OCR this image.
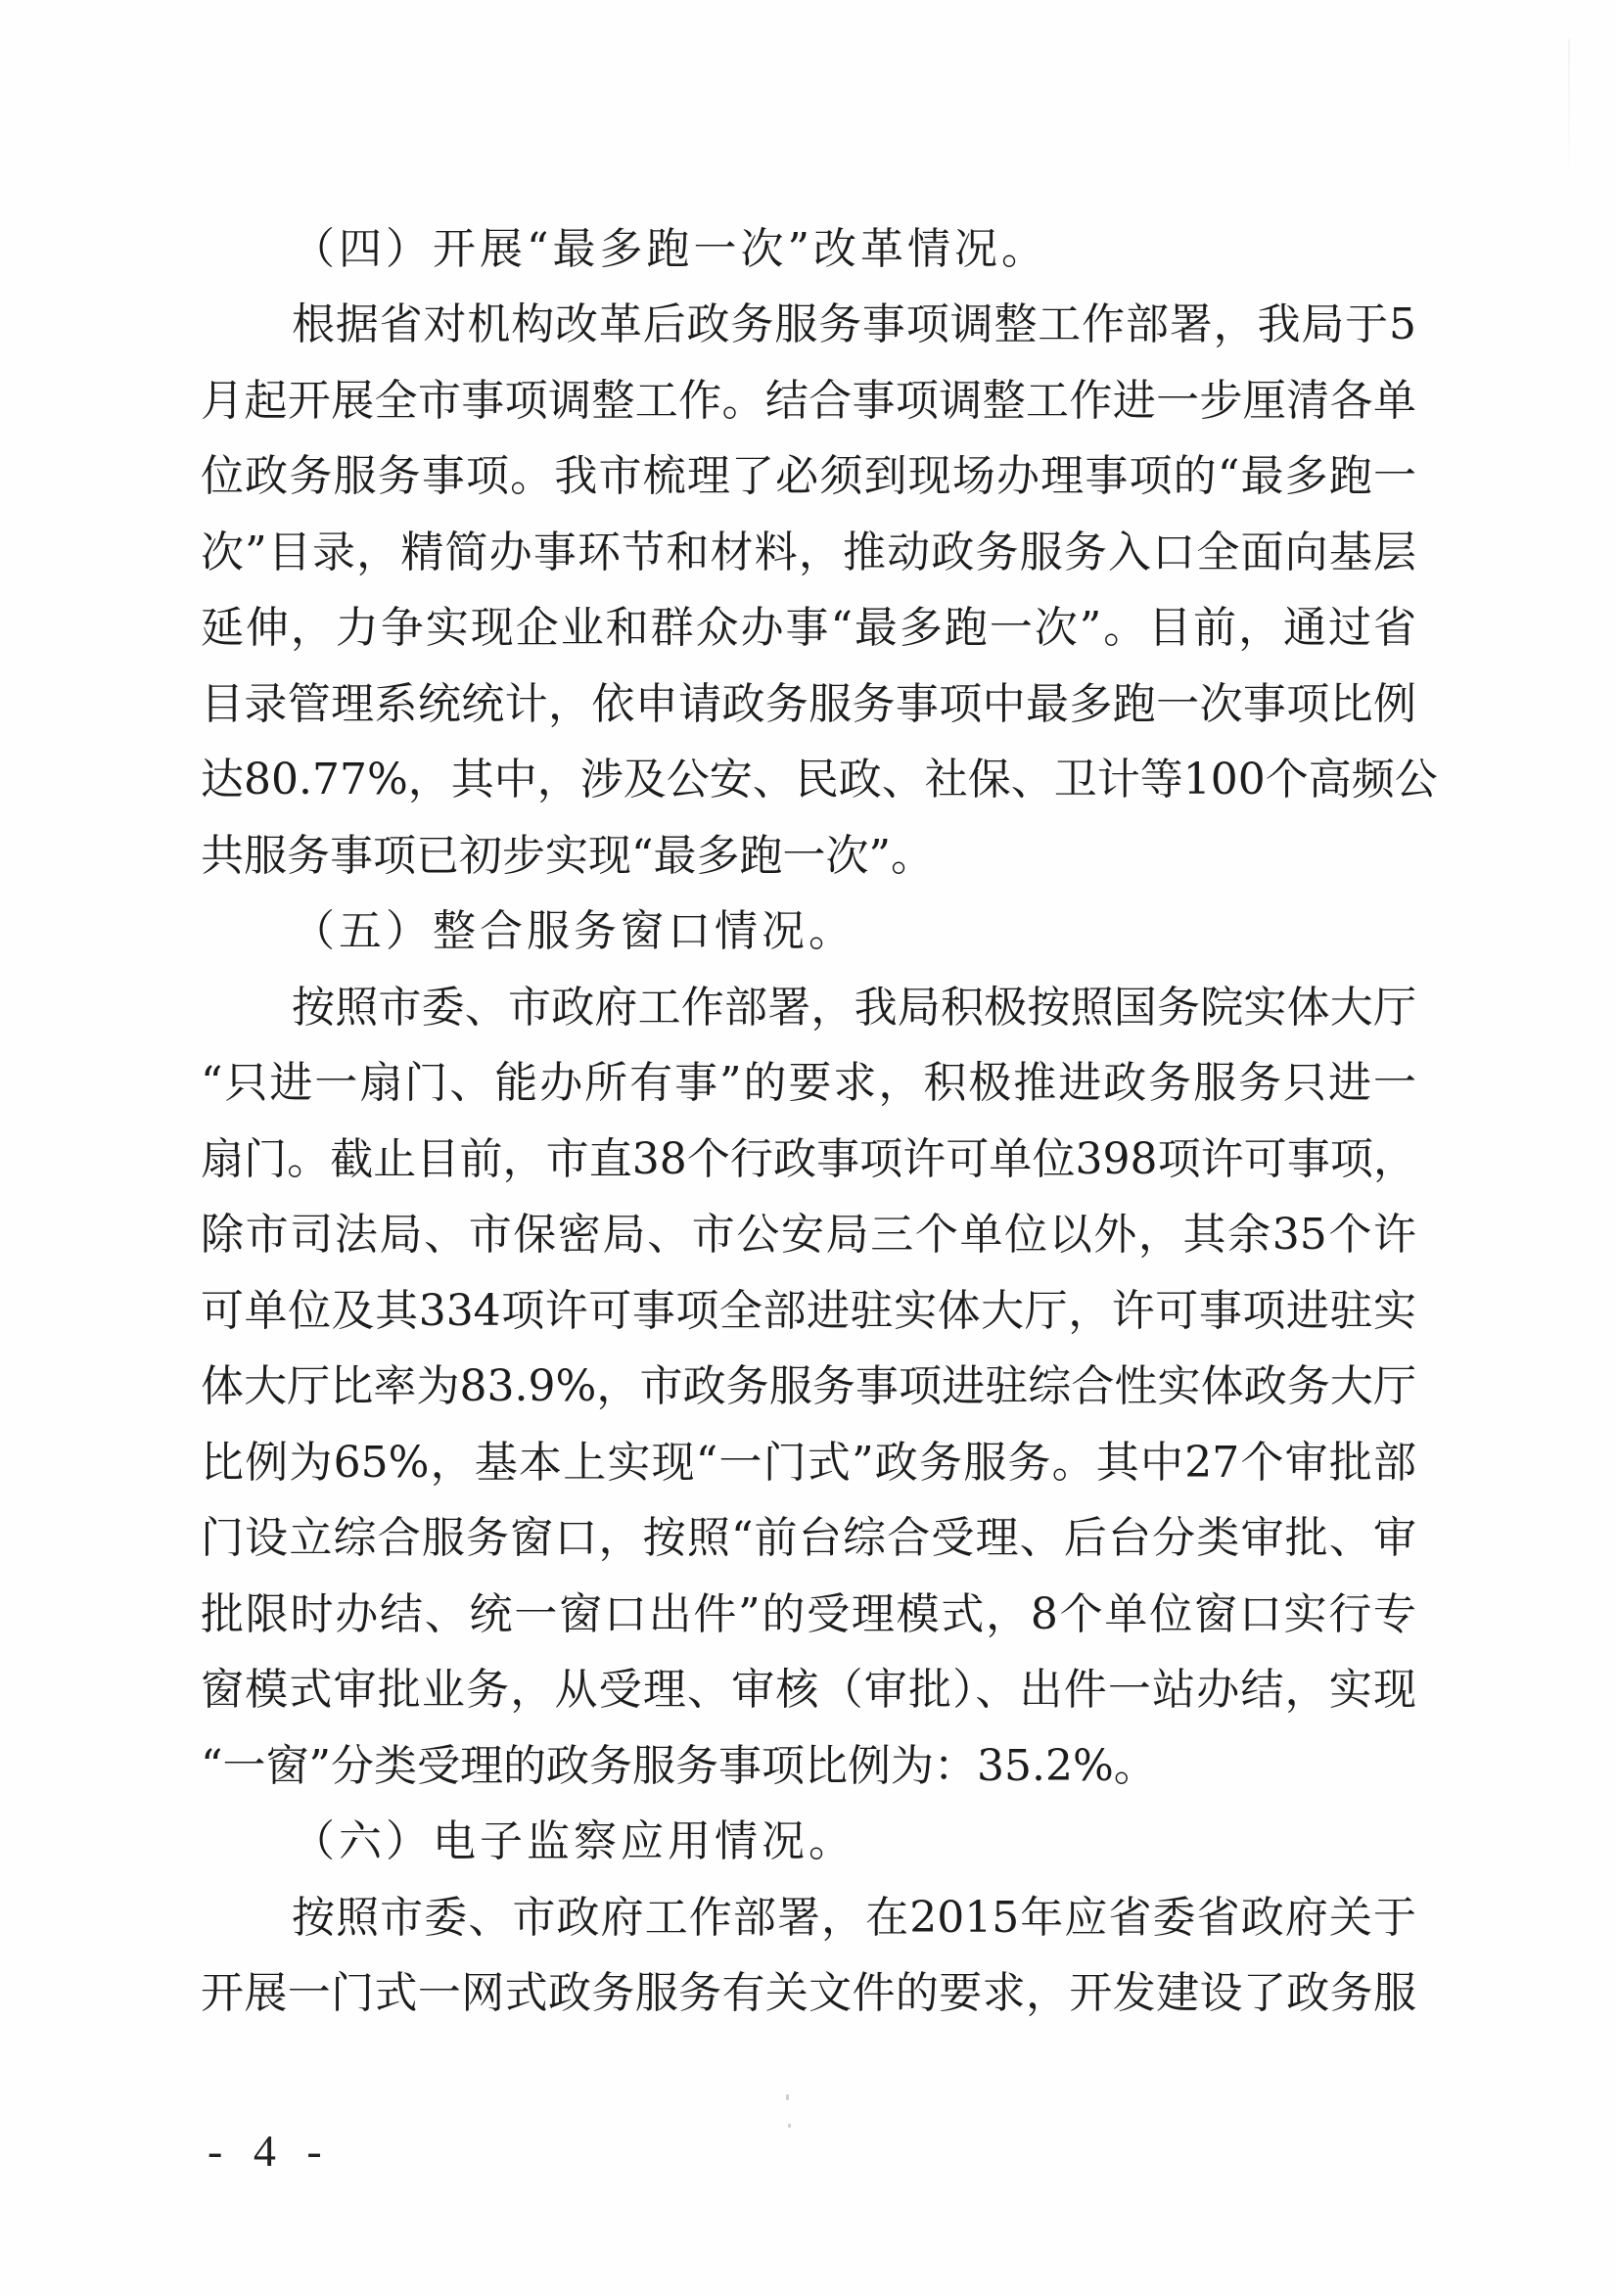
（四）开展“最多跑一次”改革情况。
根据省对机构改革后政务服务事项调整工作部署，我局于5
月起开展全市事项调整工作。结合事项调整工作进一步厘清各单
位政务服务事项。我市梳理了必须到现场办理事项的“最多跑一
次”目录，精简办事环节和材料，推动政务服务入口全面向基层
延伸，力争实现企业和群众办事“最多跑一次”。目前，通过省
目录管理系统统计，依申请政务服务事项中最多跑一次事项比例
达80.77%，其中，涉及公安、民政、社保、卫计等100个高频公
共服务事项已初步实现“最多跑一次”。
（五）整合服务窗口情况。
按照市委、市政府工作部署，我局积极按照国务院实体大厅
“只进一扇门、能办所有事”的要求，积极推进政务服务只进一
扇门。截止目前，市直38个行政事项许可单位398项许可事项，
除市司法局、市保密局、市公安局三个单位以外，其余35个许
可单位及其334项许可事项全部进驻实体大厅，许可事项进驻实
体大厅比率为83.9%，市政务服务事项进驻综合性实体政务大厅
比例为65%，基本上实现“一门式”政务服务。其中27个审批部
门设立综合服务窗口，按照“前台综合受理、后台分类审批、审
批限时办结、统一窗口出件”的受理模式，8个单位窗口实行专
窗模式审批业务，从受理、审核（审批）、出件一站办结，实现
“一窗”分类受理的政务服务事项比例为：35.2%。
（六）电子监察应用情况。
按照市委、市政府工作部署，在2015年应省委省政府关于
开展一门式一网式政务服务有关文件的要求，开发建设了政务服
- 4 -
